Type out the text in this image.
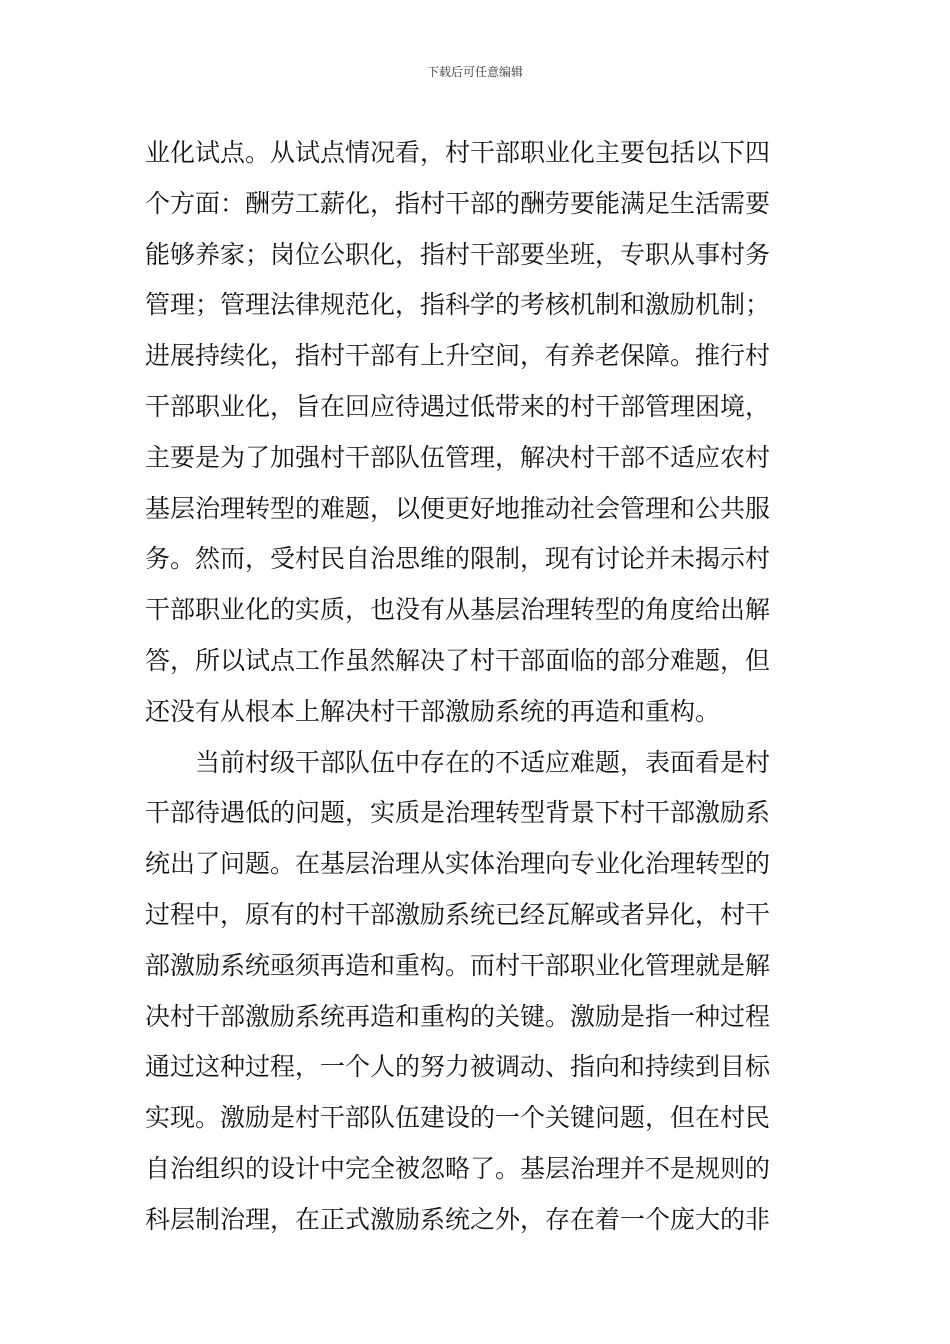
下载后可任意编辑
业化试点。从试点情况看，村干部职业化主要包括以下四
个方面：酬劳工薪化，指村干部的酬劳要能满足生活需要
能够养家；岗位公职化，指村干部要坐班，专职从事村务
管理；管理法律规范化，指科学的考核机制和激励机制；
进展持续化，指村干部有上升空间，有养老保障。推行村
干部职业化，旨在回应待遇过低带来的村干部管理困境，
主要是为了加强村干部队伍管理，解决村干部不适应农村
基层治理转型的难题，以便更好地推动社会管理和公共服
务。然而，受村民自治思维的限制，现有讨论并未揭示村
干部职业化的实质，也没有从基层治理转型的角度给出解
答，所以试点工作虽然解决了村干部面临的部分难题，但
还没有从根本上解决村干部激励系统的再造和重构。
当前村级干部队伍中存在的不适应难题，表面看是村
干部待遇低的问题，实质是治理转型背景下村干部激励系
统出了问题。在基层治理从实体治理向专业化治理转型的
过程中，原有的村干部激励系统已经瓦解或者异化，村干
部激励系统亟须再造和重构。而村干部职业化管理就是解
决村干部激励系统再造和重构的关键。激励是指一种过程
通过这种过程，一个人的努力被调动、指向和持续到目标
实现。激励是村干部队伍建设的一个关键问题，但在村民
自治组织的设计中完全被忽略了。基层治理并不是规则的
科层制治理，在正式激励系统之外，存在着一个庞大的非
